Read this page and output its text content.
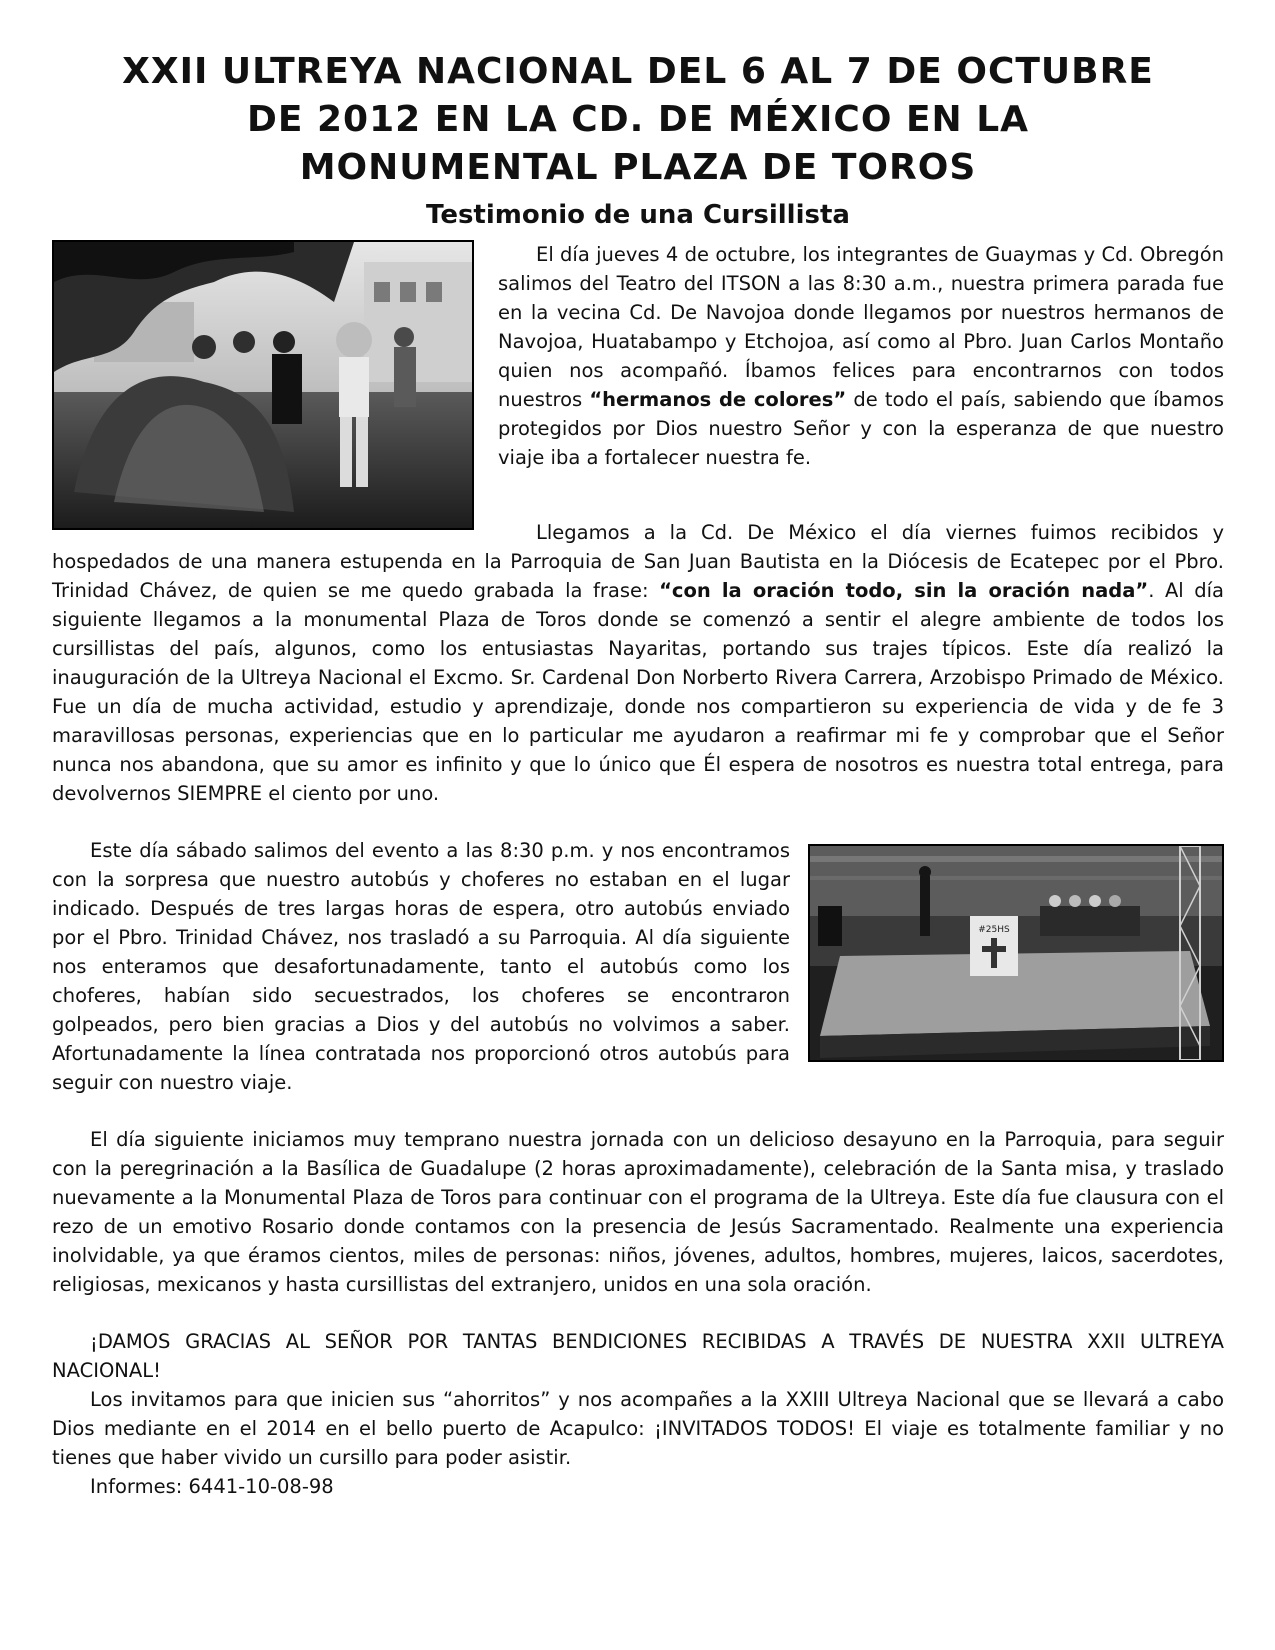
XXII ULTREYA NACIONAL DEL 6 AL 7 DE OCTUBRE DE 2012 EN LA CD. DE MÉXICO EN LA MONUMENTAL PLAZA DE TOROS
Testimonio de una Cursillista

El día jueves 4 de octubre, los integrantes de Guaymas y Cd. Obregón salimos del Teatro del ITSON a las 8:30 a.m., nuestra primera parada fue en la vecina Cd. De Navojoa donde llegamos por nuestros hermanos de Navojoa, Huatabampo y Etchojoa, así como al Pbro. Juan Carlos Montaño quien nos acompañó. Íbamos felices para encontrarnos con todos nuestros “hermanos de colores” de todo el país, sabiendo que íbamos protegidos por Dios nuestro Señor y con la esperanza de que nuestro viaje iba a fortalecer nuestra fe.

Llegamos a la Cd. De México el día viernes fuimos recibidos y hospedados de una manera estupenda en la Parroquia de San Juan Bautista en la Diócesis de Ecatepec por el Pbro. Trinidad Chávez, de quien se me quedo grabada la frase: “con la oración todo, sin la oración nada”. Al día siguiente llegamos a la monumental Plaza de Toros donde se comenzó a sentir el alegre ambiente de todos los cursillistas del país, algunos, como los entusiastas Nayaritas, portando sus trajes típicos. Este día realizó la inauguración de la Ultreya Nacional el Excmo. Sr. Cardenal Don Norberto Rivera Carrera, Arzobispo Primado de México. Fue un día de mucha actividad, estudio y aprendizaje, donde nos compartieron su experiencia de vida y de fe 3 maravillosas personas, experiencias que en lo particular me ayudaron a reafirmar mi fe y comprobar que el Señor nunca nos abandona, que su amor es infinito y que lo único que Él espera de nosotros es nuestra total entrega, para devolvernos SIEMPRE el ciento por uno.

#25HS

Este día sábado salimos del evento a las 8:30 p.m. y nos encontramos con la sorpresa que nuestro autobús y choferes no estaban en el lugar indicado. Después de tres largas horas de espera, otro autobús enviado por el Pbro. Trinidad Chávez, nos trasladó a su Parroquia. Al día siguiente nos enteramos que desafortunadamente, tanto el autobús como los choferes, habían sido secuestrados, los choferes se encontraron golpeados, pero bien gracias a Dios y del autobús no volvimos a saber. Afortunadamente la línea contratada nos proporcionó otros autobús para seguir con nuestro viaje.

El día siguiente iniciamos muy temprano nuestra jornada con un delicioso desayuno en la Parroquia, para seguir con la peregrinación a la Basílica de Guadalupe (2 horas aproximadamente), celebración de la Santa misa, y traslado nuevamente a la Monumental Plaza de Toros para continuar con el programa de la Ultreya. Este día fue clausura con el rezo de un emotivo Rosario donde contamos con la presencia de Jesús Sacramentado. Realmente una experiencia inolvidable, ya que éramos cientos, miles de personas: niños, jóvenes, adultos, hombres, mujeres, laicos, sacerdotes, religiosas, mexicanos y hasta cursillistas del extranjero, unidos en una sola oración.

¡DAMOS GRACIAS AL SEÑOR POR TANTAS BENDICIONES RECIBIDAS A TRAVÉS DE NUESTRA XXII ULTREYA NACIONAL!

Los invitamos para que inicien sus “ahorritos” y nos acompañes a la XXIII Ultreya Nacional que se llevará a cabo Dios mediante en el 2014 en el bello puerto de Acapulco: ¡INVITADOS TODOS! El viaje es totalmente familiar y no tienes que haber vivido un cursillo para poder asistir.

Informes: 6441-10-08-98
